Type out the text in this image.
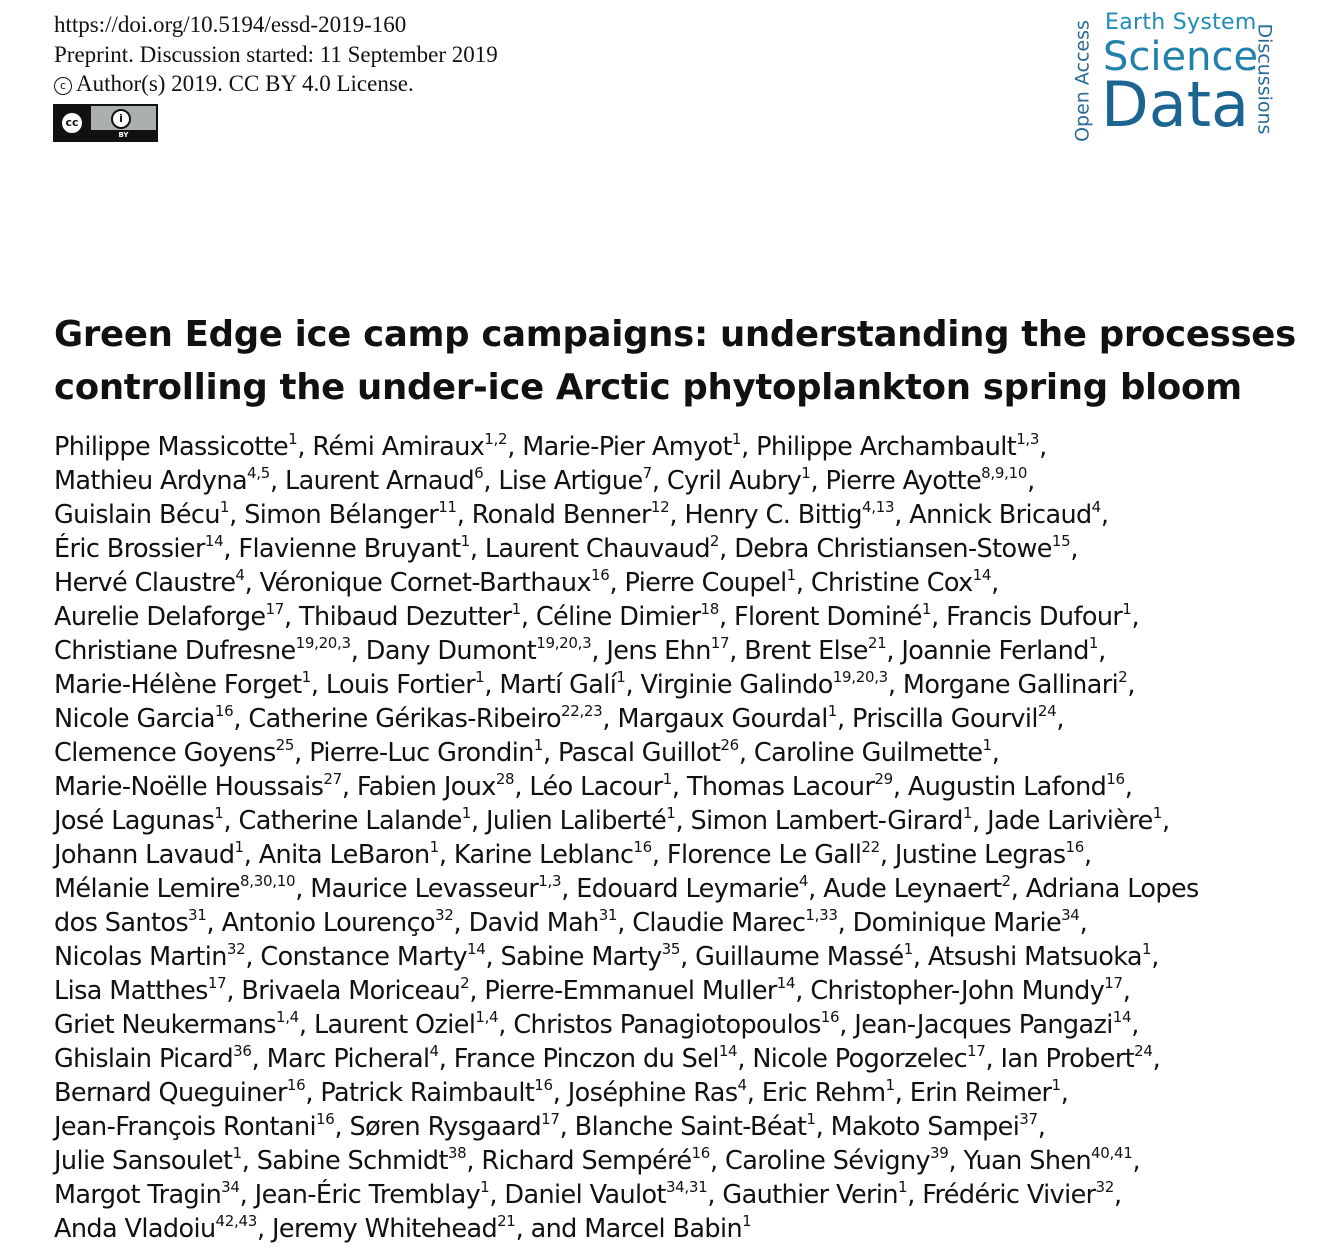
https://doi.org/10.5194/essd-2019-160
Preprint. Discussion started: 11 September 2019
c Author(s) 2019. CC BY 4.0 License.
cc	i
BY	Open Access Earth System
Science
Data Discussions
Green Edge ice camp campaigns: understanding the processes
controlling the under-ice Arctic phytoplankton spring bloom
Philippe Massicotte$^1$, Rémi Amiraux$^{1,2}$, Marie-Pier Amyot$^1$, Philippe Archambault$^{1,3}$,
Mathieu Ardyna$^{4,5}$, Laurent Arnaud$^6$, Lise Artigue$^7$, Cyril Aubry$^1$, Pierre Ayotte$^{8,9,10}$,
Guislain Bécu$^1$, Simon Bélanger$^{11}$, Ronald Benner$^{12}$, Henry C. Bittig$^{4,13}$, Annick Bricaud$^4$,
Éric Brossier$^{14}$, Flavienne Bruyant$^1$, Laurent Chauvaud$^2$, Debra Christiansen-Stowe$^{15}$,
Hervé Claustre$^4$, Véronique Cornet-Barthaux$^{16}$, Pierre Coupel$^1$, Christine Cox$^{14}$,
Aurelie Delaforge$^{17}$, Thibaud Dezutter$^1$, Céline Dimier$^{18}$, Florent Dominé$^1$, Francis Dufour$^1$,
Christiane Dufresne$^{19,20,3}$, Dany Dumont$^{19,20,3}$, Jens Ehn$^{17}$, Brent Else$^{21}$, Joannie Ferland$^1$,
Marie-Hélène Forget$^1$, Louis Fortier$^1$, Martí Galí$^1$, Virginie Galindo$^{19,20,3}$, Morgane Gallinari$^2$,
Nicole Garcia$^{16}$, Catherine Gérikas-Ribeiro$^{22,23}$, Margaux Gourdal$^1$, Priscilla Gourvil$^{24}$,
Clemence Goyens$^{25}$, Pierre-Luc Grondin$^1$, Pascal Guillot$^{26}$, Caroline Guilmette$^1$,
Marie-Noëlle Houssais$^{27}$, Fabien Joux$^{28}$, Léo Lacour$^1$, Thomas Lacour$^{29}$, Augustin Lafond$^{16}$,
José Lagunas$^1$, Catherine Lalande$^1$, Julien Laliberté$^1$, Simon Lambert-Girard$^1$, Jade Larivière$^1$,
Johann Lavaud$^1$, Anita LeBaron$^1$, Karine Leblanc$^{16}$, Florence Le Gall$^{22}$, Justine Legras$^{16}$,
Mélanie Lemire$^{8,30,10}$, Maurice Levasseur$^{1,3}$, Edouard Leymarie$^4$, Aude Leynaert$^2$, Adriana Lopes
dos Santos$^{31}$, Antonio Lourenço$^{32}$, David Mah$^{31}$, Claudie Marec$^{1,33}$, Dominique Marie$^{34}$,
Nicolas Martin$^{32}$, Constance Marty$^{14}$, Sabine Marty$^{35}$, Guillaume Massé$^1$, Atsushi Matsuoka$^1$,
Lisa Matthes$^{17}$, Brivaela Moriceau$^2$, Pierre-Emmanuel Muller$^{14}$, Christopher-John Mundy$^{17}$,
Griet Neukermans$^{1,4}$, Laurent Oziel$^{1,4}$, Christos Panagiotopoulos$^{16}$, Jean-Jacques Pangazi$^{14}$,
Ghislain Picard$^{36}$, Marc Picheral$^4$, France Pinczon du Sel$^{14}$, Nicole Pogorzelec$^{17}$, Ian Probert$^{24}$,
Bernard Queguiner$^{16}$, Patrick Raimbault$^{16}$, Joséphine Ras$^4$, Eric Rehm$^1$, Erin Reimer$^1$,
Jean-François Rontani$^{16}$, Søren Rysgaard$^{17}$, Blanche Saint-Béat$^1$, Makoto Sampei$^{37}$,
Julie Sansoulet$^1$, Sabine Schmidt$^{38}$, Richard Sempéré$^{16}$, Caroline Sévigny$^{39}$, Yuan Shen$^{40,41}$,
Margot Tragin$^{34}$, Jean-Éric Tremblay$^1$, Daniel Vaulot$^{34,31}$, Gauthier Verin$^1$, Frédéric Vivier$^{32}$,
Anda Vladoiu$^{42,43}$, Jeremy Whitehead$^{21}$, and Marcel Babin$^1$
